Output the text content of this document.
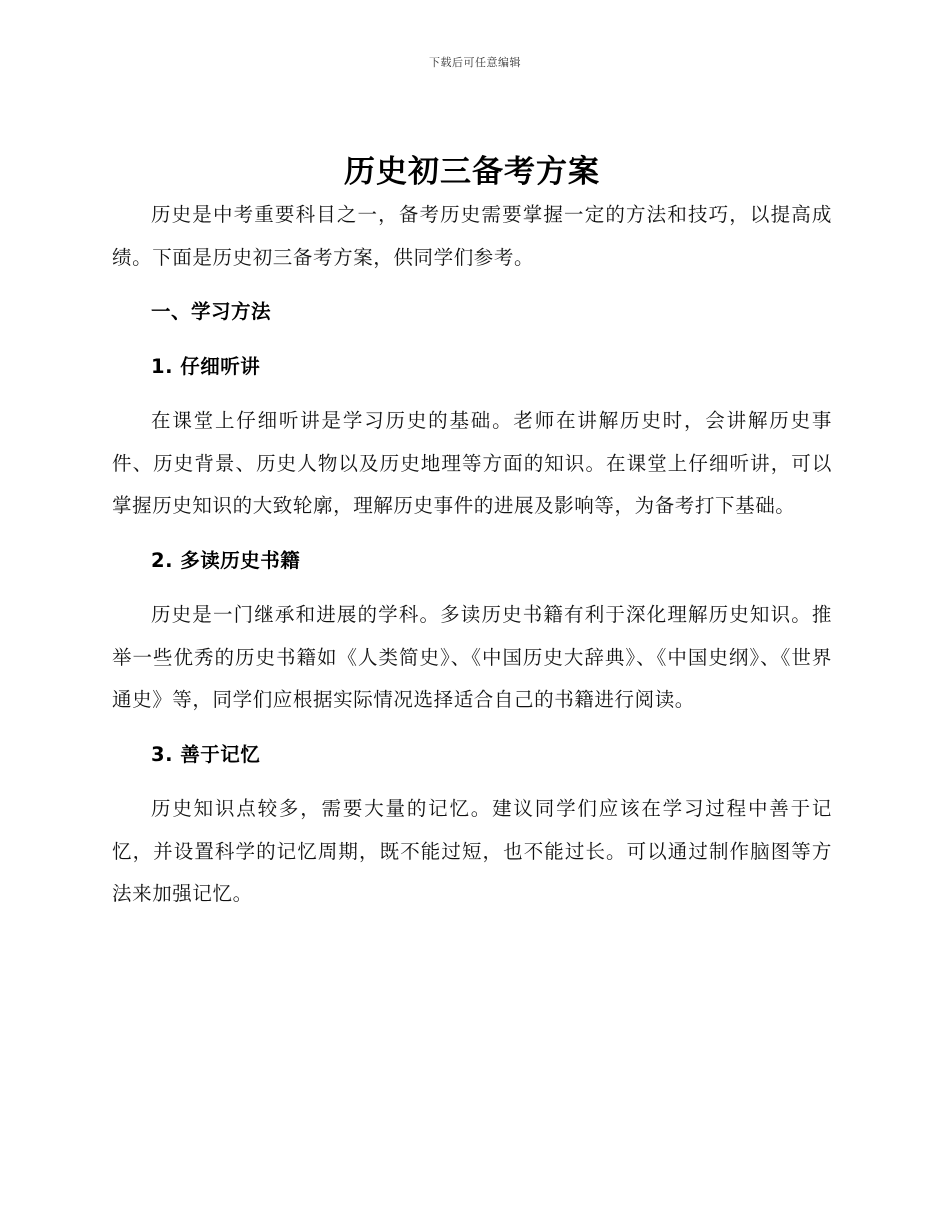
下载后可任意编辑
历史初三备考方案

历史是中考重要科目之一，备考历史需要掌握一定的方法和技巧，以提高成绩。下面是历史初三备考方案，供同学们参考。

一、学习方法
1. 仔细听讲

在课堂上仔细听讲是学习历史的基础。老师在讲解历史时，会讲解历史事件、历史背景、历史人物以及历史地理等方面的知识。在课堂上仔细听讲，可以掌握历史知识的大致轮廓，理解历史事件的进展及影响等，为备考打下基础。

2. 多读历史书籍

历史是一门继承和进展的学科。多读历史书籍有利于深化理解历史知识。推举一些优秀的历史书籍如《人类简史》、《中国历史大辞典》、《中国史纲》、《世界通史》等，同学们应根据实际情况选择适合自己的书籍进行阅读。

3. 善于记忆

历史知识点较多，需要大量的记忆。建议同学们应该在学习过程中善于记忆，并设置科学的记忆周期，既不能过短，也不能过长。可以通过制作脑图等方法来加强记忆。
